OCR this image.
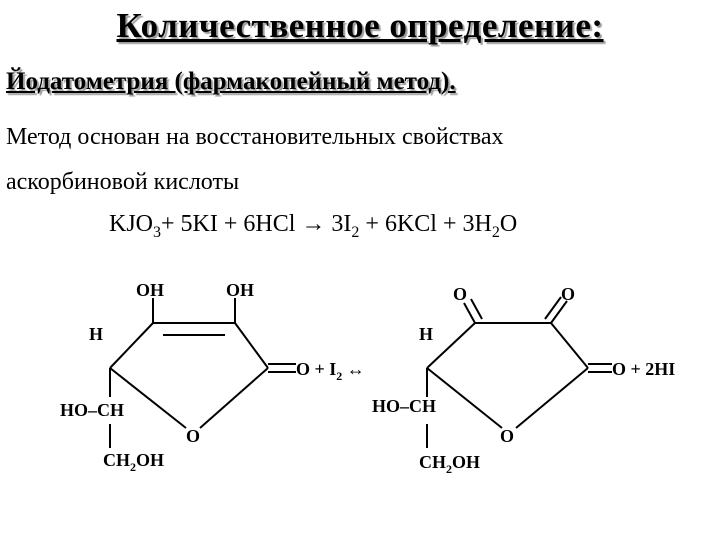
Количественное определение:
Йодатометрия (фармакопейный метод).
Метод основан на восстановительных свойствах
аскорбиновой кислоты
$KJO_3+ 5KI + 6HCl \to 3I_2 + 6KCl + 3H_2O$
OH	OH
H	H
$O + I_2$ ↔
HO–CH
O
$CH_2OH$
O	O
O + 2HI
HO–CH
O
$CH_2OH$
